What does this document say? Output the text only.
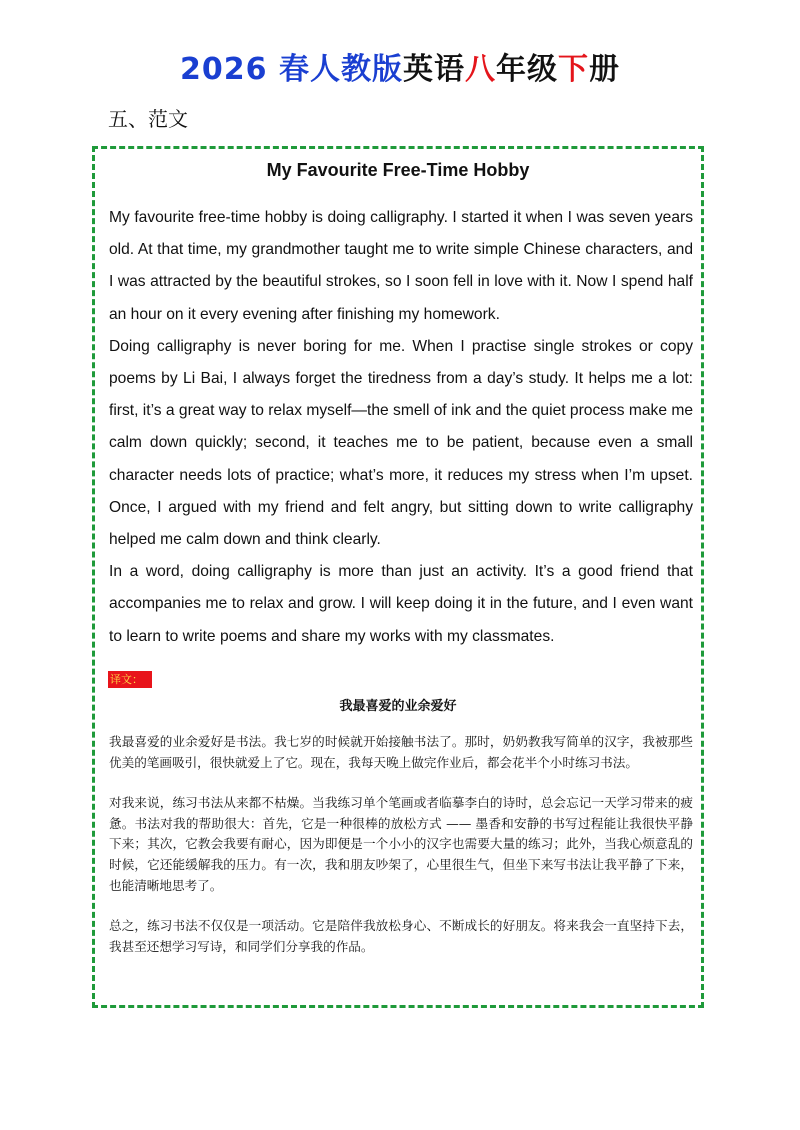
2026 春人教版英语八年级下册
五、范文
My Favourite Free-Time Hobby

My favourite free-time hobby is doing calligraphy. I started it when I was seven years old. At that time, my grandmother taught me to write simple Chinese characters, and I was attracted by the beautiful strokes, so I soon fell in love with it. Now I spend half an hour on it every evening after finishing my homework.

Doing calligraphy is never boring for me. When I practise single strokes or copy poems by Li Bai, I always forget the tiredness from a day’s study. It helps me a lot: first, it’s a great way to relax myself—the smell of ink and the quiet process make me calm down quickly; second, it teaches me to be patient, because even a small character needs lots of practice; what’s more, it reduces my stress when I’m upset. Once, I argued with my friend and felt angry, but sitting down to write calligraphy helped me calm down and think clearly.

In a word, doing calligraphy is more than just an activity. It’s a good friend that accompanies me to relax and grow. I will keep doing it in the future, and I even want to learn to write poems and share my works with my classmates.

译文：
我最喜爱的业余爱好

我最喜爱的业余爱好是书法。我七岁的时候就开始接触书法了。那时，奶奶教我写简单的汉字，我被那些优美的笔画吸引，很快就爱上了它。现在，我每天晚上做完作业后，都会花半个小时练习书法。

对我来说，练习书法从来都不枯燥。当我练习单个笔画或者临摹李白的诗时，总会忘记一天学习带来的疲惫。书法对我的帮助很大：首先，它是一种很棒的放松方式 —— 墨香和安静的书写过程能让我很快平静下来；其次，它教会我要有耐心，因为即便是一个小小的汉字也需要大量的练习；此外，当我心烦意乱的时候，它还能缓解我的压力。有一次，我和朋友吵架了，心里很生气，但坐下来写书法让我平静了下来，也能清晰地思考了。

总之，练习书法不仅仅是一项活动。它是陪伴我放松身心、不断成长的好朋友。将来我会一直坚持下去，我甚至还想学习写诗，和同学们分享我的作品。
